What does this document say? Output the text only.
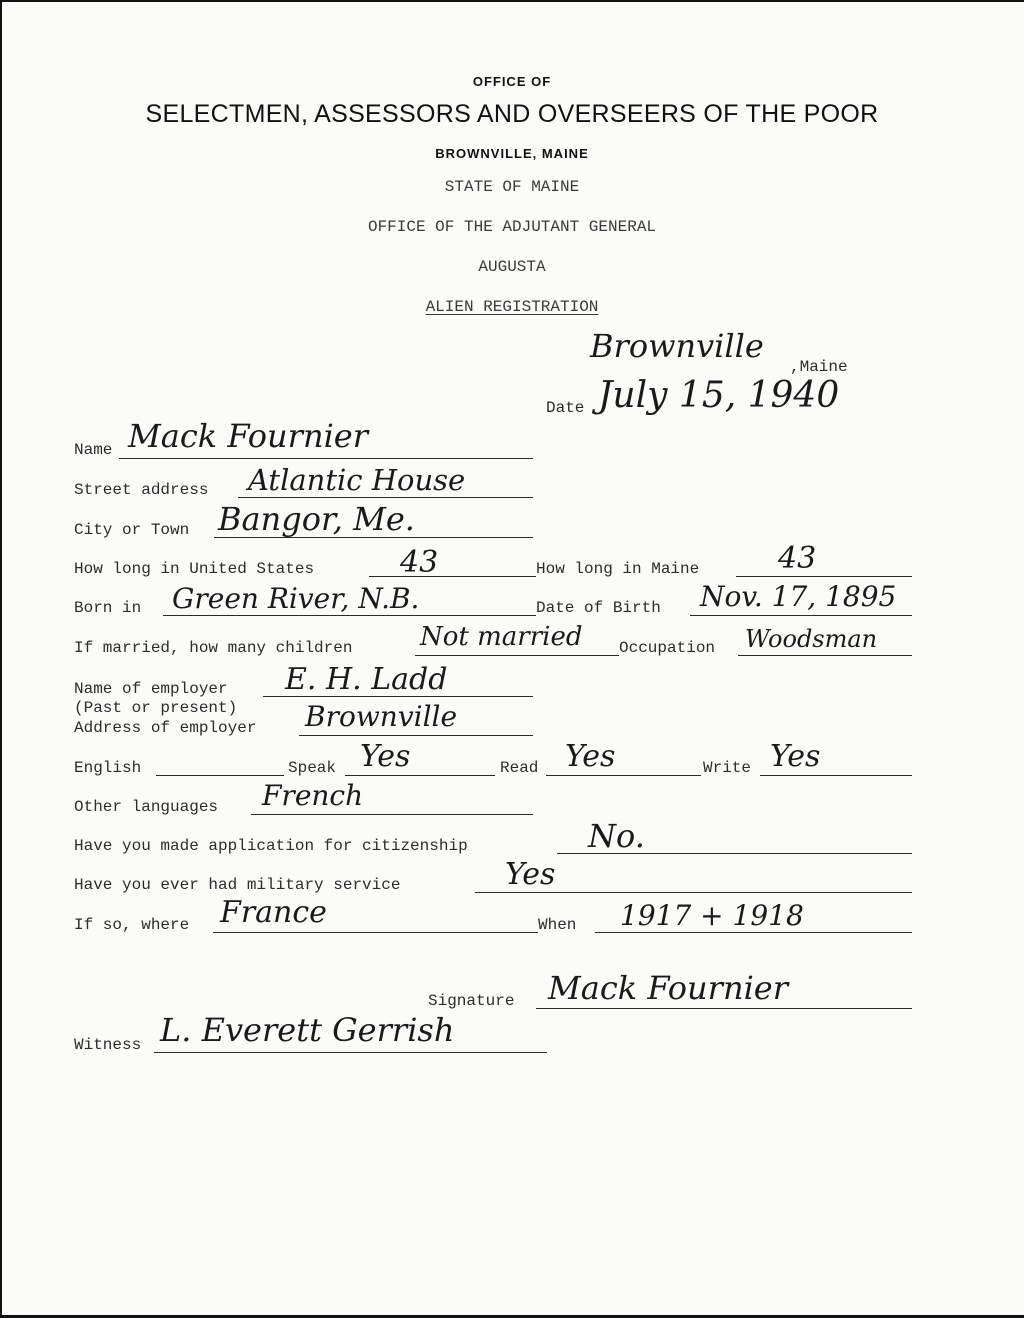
OFFICE OF
SELECTMEN, ASSESSORS AND OVERSEERS OF THE POOR
BROWNVILLE, MAINE
STATE OF MAINE
OFFICE OF THE ADJUTANT GENERAL
AUGUSTA
ALIEN REGISTRATION
Brownville
,Maine
Date July 15, 1940
Name Mack Fournier
Street address Atlantic House
City or Town Bangor, Me.
How long in United States	43	How long in Maine	43
Born in Green River, N.B.	Date of Birth Nov. 17, 1895
If married, how many children	Not married Occupation Woodsman
Name of employer E. H. Ladd
(Past or present)
Address of employer Brownville
English	Speak Yes	Read Yes	Write Yes
Other languages French
Have you made application for citizenship	No.
Have you ever had military service	Yes
If so, where France	When 1917 + 1918
Signature Mack Fournier
Witness L. Everett Gerrish
